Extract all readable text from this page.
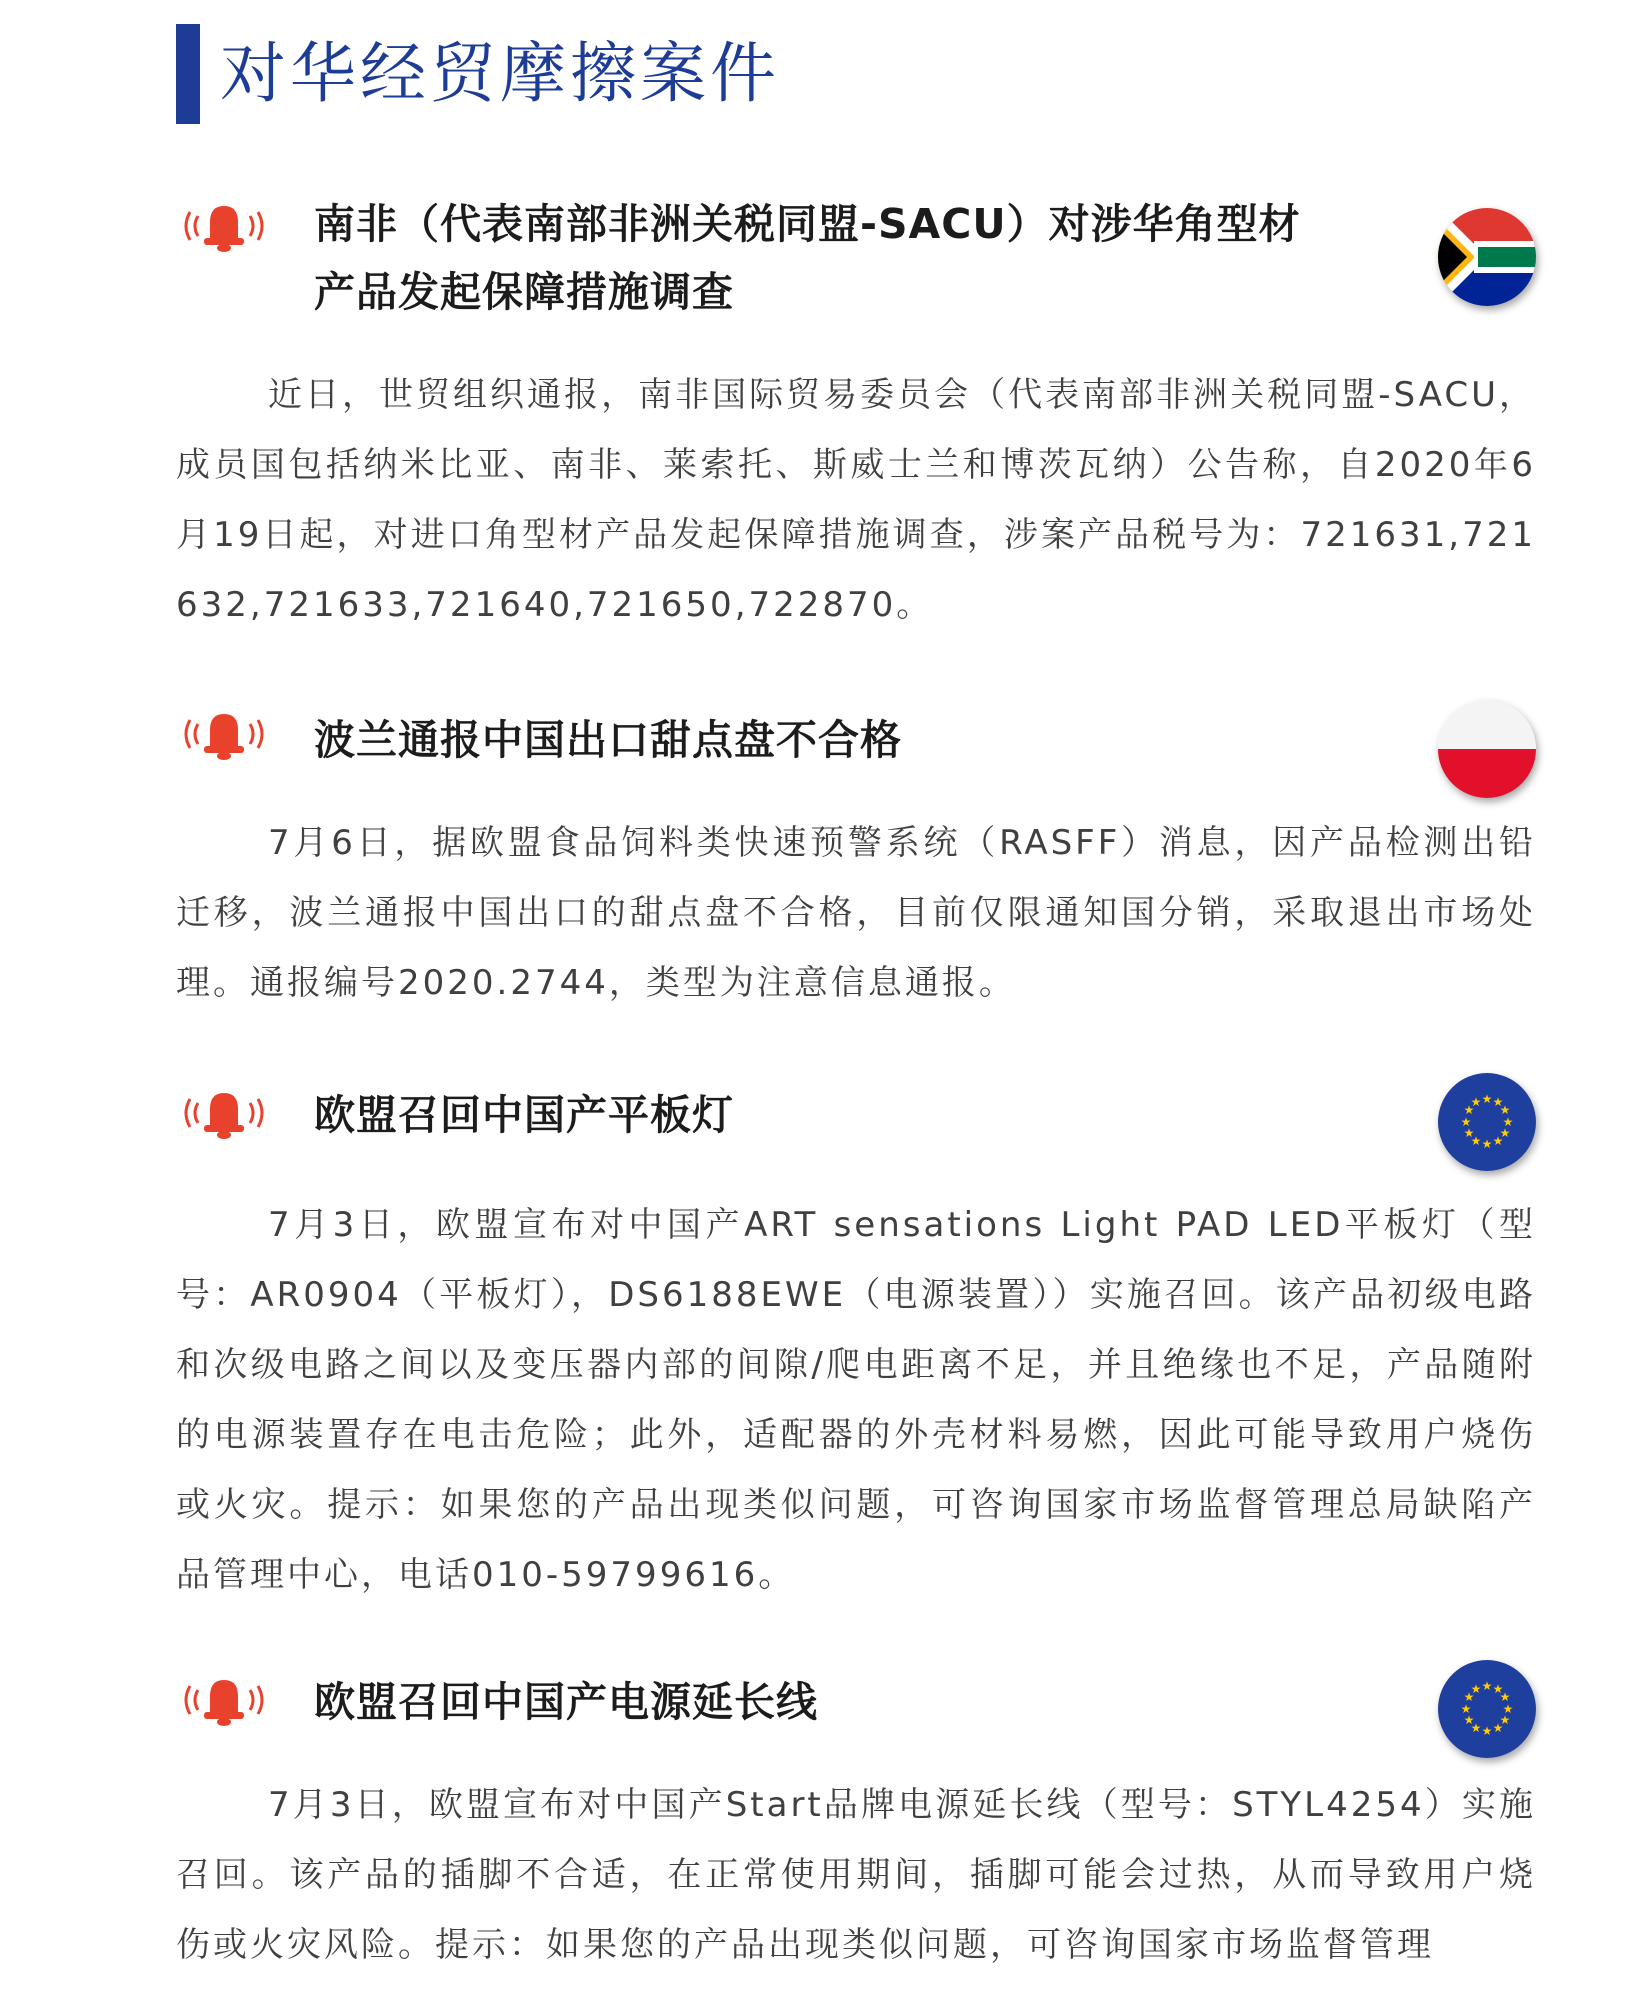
对华经贸摩擦案件
南非（代表南部非洲关税同盟-SACU）对涉华角型材
产品发起保障措施调查
近日，世贸组织通报，南非国际贸易委员会（代表南部非洲关税同盟-SACU，成员国包括纳米比亚、南非、莱索托、斯威士兰和博茨瓦纳）公告称，自2020年6月19日起，对进口角型材产品发起保障措施调查，涉案产品税号为：721631,721632,721633,721640,721650,722870。
波兰通报中国出口甜点盘不合格
7月6日，据欧盟食品饲料类快速预警系统（RASFF）消息，因产品检测出铅迁移，波兰通报中国出口的甜点盘不合格，目前仅限通知国分销，采取退出市场处理。通报编号2020.2744，类型为注意信息通报。
欧盟召回中国产平板灯	★ ★
★
★
★
★
★
★
★
★
★
★
7月3日，欧盟宣布对中国产ART sensations Light PAD LED平板灯（型号：AR0904（平板灯），DS6188EWE（电源装置））实施召回。该产品初级电路和次级电路之间以及变压器内部的间隙/爬电距离不足，并且绝缘也不足，产品随附的电源装置存在电击危险；此外，适配器的外壳材料易燃，因此可能导致用户烧伤或火灾。提示：如果您的产品出现类似问题，可咨询国家市场监督管理总局缺陷产品管理中心，电话010-59799616。
欧盟召回中国产电源延长线	★ ★
★
★
★
★
★
★
★
★
★
★
7月3日，欧盟宣布对中国产Start品牌电源延长线（型号：STYL4254）实施召回。该产品的插脚不合适，在正常使用期间，插脚可能会过热，从而导致用户烧伤或火灾风险。提示：如果您的产品出现类似问题，可咨询国家市场监督管理
